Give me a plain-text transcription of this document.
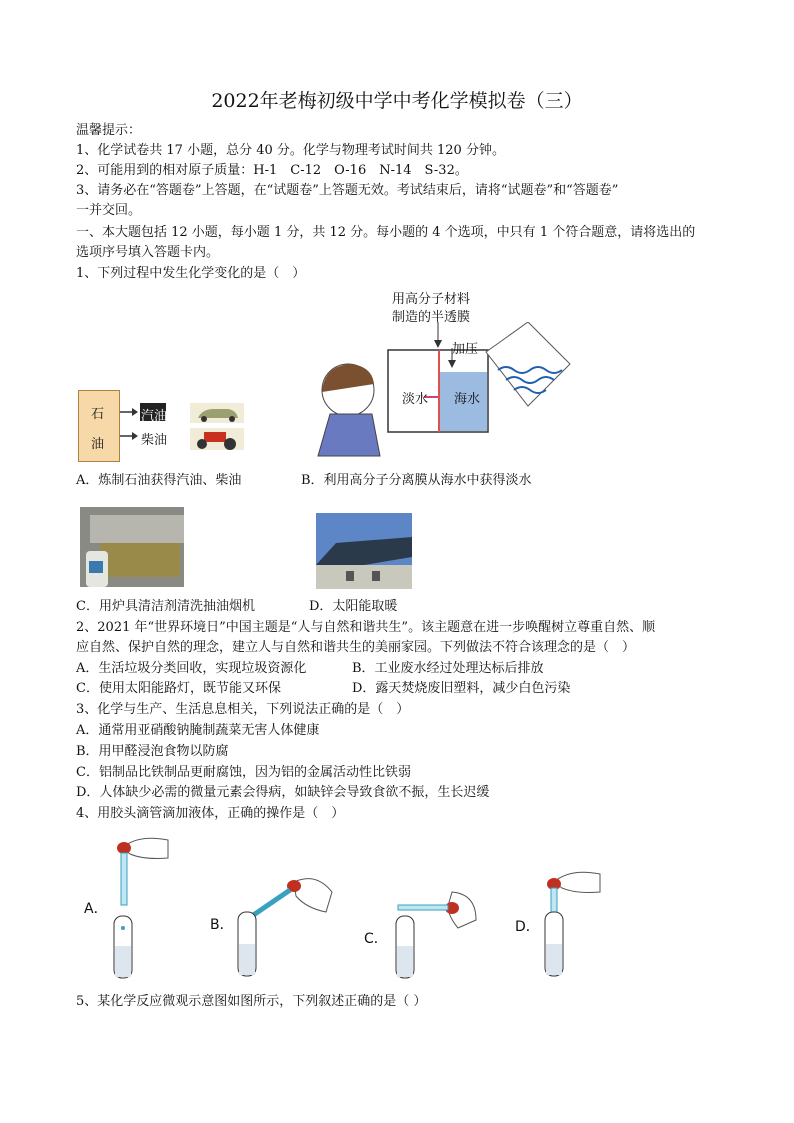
2022年老梅初级中学中考化学模拟卷（三）
温馨提示：
1、化学试卷共 17 小题，总分 40 分。化学与物理考试时间共 120 分钟。
2、可能用到的相对原子质量：H-1　C-12　O-16　N-14　S-32。
3、请务必在“答题卷”上答题，在“试题卷”上答题无效。考试结束后，请将“试题卷”和“答题卷”
一并交回。
一、本大题包括 12 小题，每小题 1 分，共 12 分。每小题的 4 个选项，中只有 1 个符合题意，请将选出的
选项序号填入答题卡内。
1、下列过程中发生化学变化的是（　）
石
油
汽油
柴油
用高分子材料
制造的半透膜
加压
淡水 海水
A．炼制石油获得汽油、柴油	B．利用高分子分离膜从海水中获得淡水
C．用炉具清洁剂清洗抽油烟机	D．太阳能取暖
2、2021 年“世界环境日”中国主题是“人与自然和谐共生”。该主题意在进一步唤醒树立尊重自然、顺
应自然、保护自然的理念，建立人与自然和谐共生的美丽家园。下列做法不符合该理念的是（　）
A．生活垃圾分类回收，实现垃圾资源化	B．工业废水经过处理达标后排放
C．使用太阳能路灯，既节能又环保	D．露天焚烧废旧塑料，减少白色污染
3、化学与生产、生活息息相关，下列说法正确的是（　）
A．通常用亚硝酸钠腌制蔬菜无害人体健康
B．用甲醛浸泡食物以防腐
C．铝制品比铁制品更耐腐蚀，因为铝的金属活动性比铁弱
D．人体缺少必需的微量元素会得病，如缺锌会导致食欲不振，生长迟缓
4、用胶头滴管滴加液体，正确的操作是（　）
A．
B．
C．
D．
5、某化学反应微观示意图如图所示，下列叙述正确的是（ ）
